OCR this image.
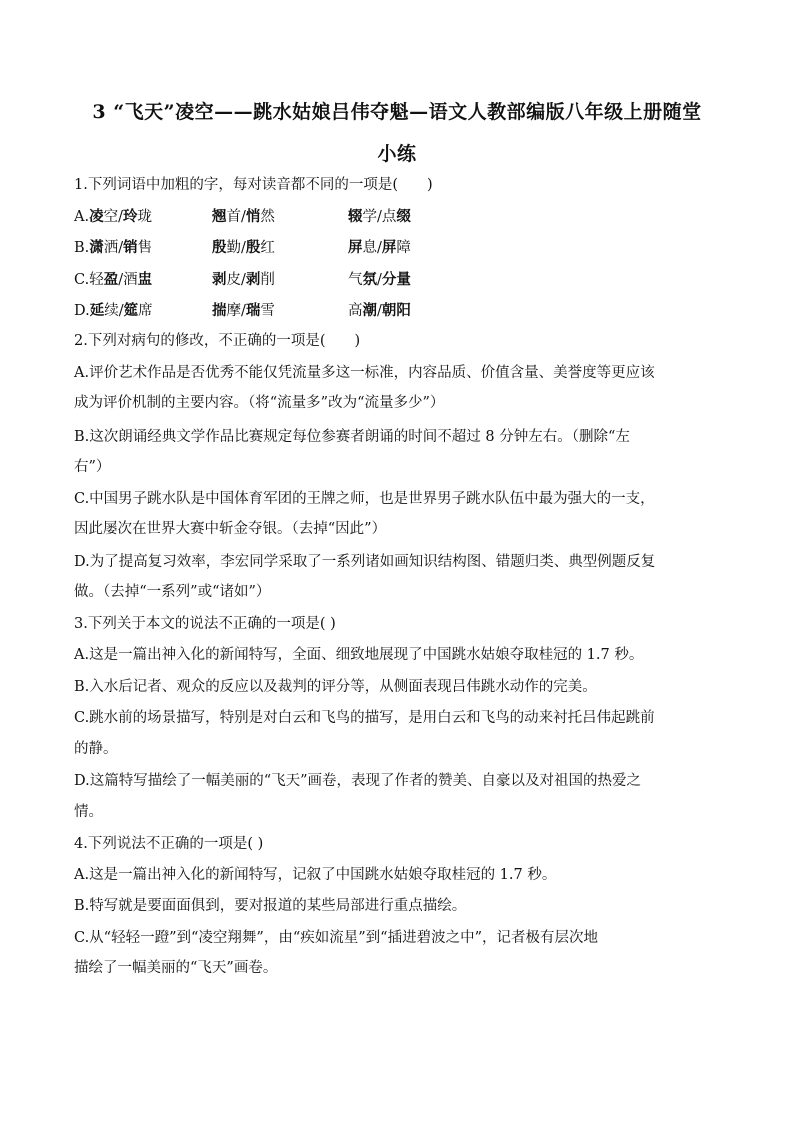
3 “飞天”凌空——跳水姑娘吕伟夺魁—语文人教部编版八年级上册随堂
小练
1.下列词语中加粗的字，每对读音都不同的一项是(　　)
A.凌空/玲珑	翘首/悄然	辍学/点缀
B.潇洒/销售	殷勤/殷红	屏息/屏障
C.轻盈/酒盅	剥皮/剥削	气氛/分量
D.延续/筵席	揣摩/瑞雪	高潮/朝阳
2.下列对病句的修改，不正确的一项是(　　)
A.评价艺术作品是否优秀不能仅凭流量多这一标准，内容品质、价值含量、美誉度等更应该
成为评价机制的主要内容。（将“流量多”改为“流量多少”）
B.这次朗诵经典文学作品比赛规定每位参赛者朗诵的时间不超过 8 分钟左右。（删除“左
右”）
C.中国男子跳水队是中国体育军团的王牌之师，也是世界男子跳水队伍中最为强大的一支，
因此屡次在世界大赛中斩金夺银。（去掉“因此”）
D.为了提高复习效率，李宏同学采取了一系列诸如画知识结构图、错题归类、典型例题反复
做。（去掉“一系列”或“诸如”）
3.下列关于本文的说法不正确的一项是( )
A.这是一篇出神入化的新闻特写，全面、细致地展现了中国跳水姑娘夺取桂冠的 1.7 秒。
B.入水后记者、观众的反应以及裁判的评分等，从侧面表现吕伟跳水动作的完美。
C.跳水前的场景描写，特别是对白云和飞鸟的描写，是用白云和飞鸟的动来衬托吕伟起跳前
的静。
D.这篇特写描绘了一幅美丽的“飞天”画卷，表现了作者的赞美、自豪以及对祖国的热爱之
情。
4.下列说法不正确的一项是( )
A.这是一篇出神入化的新闻特写，记叙了中国跳水姑娘夺取桂冠的 1.7 秒。
B.特写就是要面面俱到，要对报道的某些局部进行重点描绘。
C.从“轻轻一蹬”到“凌空翔舞”，由“疾如流星”到“插进碧波之中”，记者极有层次地
描绘了一幅美丽的“飞天”画卷。
